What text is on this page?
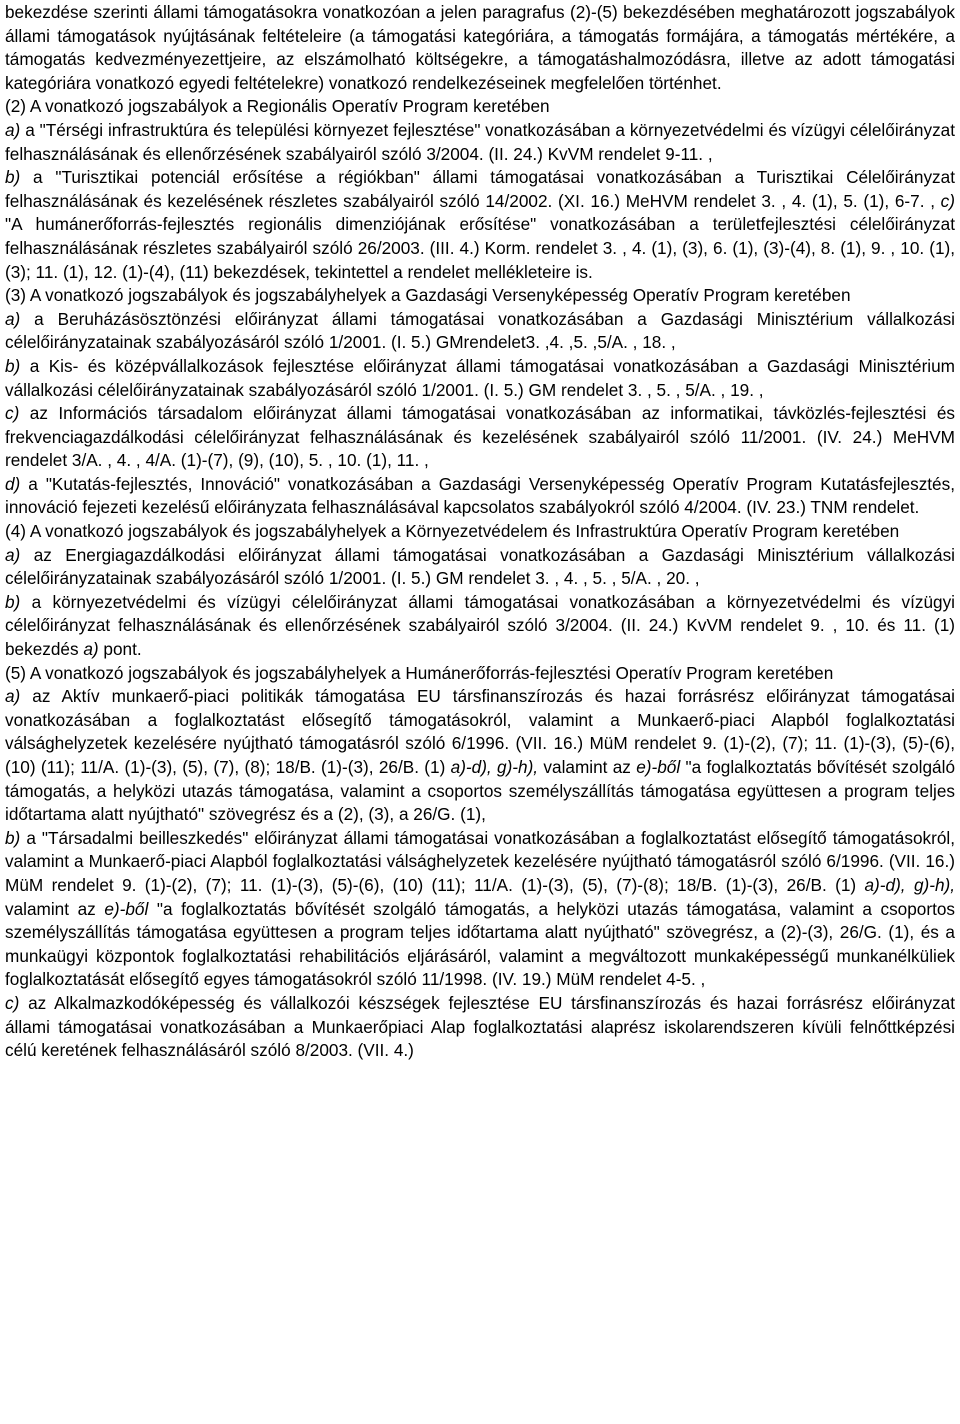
bekezdése szerinti állami támogatásokra vonatkozóan a jelen paragrafus (2)-(5) bekezdésében meghatározott jogszabályok állami támogatások nyújtásának feltételeire (a támogatási kategóriára, a támogatás formájára, a támogatás mértékére, a támogatás kedvezményezettjeire, az elszámolható költségekre, a támogatáshalmozódásra, illetve az adott támogatási kategóriára vonatkozó egyedi feltételekre) vonatkozó rendelkezéseinek megfelelően történhet.

(2) A vonatkozó jogszabályok a Regionális Operatív Program keretében

a) a "Térségi infrastruktúra és települési környezet fejlesztése" vonatkozásában a környezetvédelmi és vízügyi célelőirányzat felhasználásának és ellenőrzésének szabályairól szóló 3/2004. (II. 24.) KvVM rendelet 9-11. ,

b) a "Turisztikai potenciál erősítése a régiókban" állami támogatásai vonatkozásában a Turisztikai Célelőirányzat felhasználásának és kezelésének részletes szabályairól szóló 14/2002. (XI. 16.) MeHVM rendelet 3. , 4. (1), 5. (1), 6-7. , c) "A humánerőforrás-fejlesztés regionális dimenziójának erősítése" vonatkozásában a területfejlesztési célelőirányzat felhasználásának részletes szabályairól szóló 26/2003. (III. 4.) Korm. rendelet 3. , 4. (1), (3), 6. (1), (3)-(4), 8. (1), 9. , 10. (1), (3); 11. (1), 12. (1)-(4), (11) bekezdések, tekintettel a rendelet mellékleteire is.

(3) A vonatkozó jogszabályok és jogszabályhelyek a Gazdasági Versenyképesség Operatív Program keretében

a) a Beruházásösztönzési előirányzat állami támogatásai vonatkozásában a Gazdasági Minisztérium vállalkozási célelőirányzatainak szabályozásáról szóló 1/2001. (I. 5.) GMrendelet3. ,4. ,5. ,5/A. , 18. ,

b) a Kis- és középvállalkozások fejlesztése előirányzat állami támogatásai vonatkozásában a Gazdasági Minisztérium vállalkozási célelőirányzatainak szabályozásáról szóló 1/2001. (I. 5.) GM rendelet 3. , 5. , 5/A. , 19. ,

c) az Információs társadalom előirányzat állami támogatásai vonatkozásában az informatikai, távközlés-fejlesztési és frekvenciagazdálkodási célelőirányzat felhasználásának és kezelésének szabályairól szóló 11/2001. (IV. 24.) MeHVM rendelet 3/A. , 4. , 4/A. (1)-(7), (9), (10), 5. , 10. (1), 11. ,

d) a "Kutatás-fejlesztés, Innováció" vonatkozásában a Gazdasági Versenyképesség Operatív Program Kutatásfejlesztés, innováció fejezeti kezelésű előirányzata felhasználásával kapcsolatos szabályokról szóló 4/2004. (IV. 23.) TNM rendelet.

(4) A vonatkozó jogszabályok és jogszabályhelyek a Környezetvédelem és Infrastruktúra Operatív Program keretében

a) az Energiagazdálkodási előirányzat állami támogatásai vonatkozásában a Gazdasági Minisztérium vállalkozási célelőirányzatainak szabályozásáról szóló 1/2001. (I. 5.) GM rendelet 3. , 4. , 5. , 5/A. , 20. ,

b) a környezetvédelmi és vízügyi célelőirányzat állami támogatásai vonatkozásában a környezetvédelmi és vízügyi célelőirányzat felhasználásának és ellenőrzésének szabályairól szóló 3/2004. (II. 24.) KvVM rendelet 9. , 10. és 11. (1) bekezdés a) pont.

(5) A vonatkozó jogszabályok és jogszabályhelyek a Humánerőforrás-fejlesztési Operatív Program keretében

a) az Aktív munkaerő-piaci politikák támogatása EU társfinanszírozás és hazai forrásrész előirányzat támogatásai vonatkozásában a foglalkoztatást elősegítő támogatásokról, valamint a Munkaerő-piaci Alapból foglalkoztatási válsághelyzetek kezelésére nyújtható támogatásról szóló 6/1996. (VII. 16.) MüM rendelet 9. (1)-(2), (7); 11. (1)-(3), (5)-(6), (10) (11); 11/A. (1)-(3), (5), (7), (8); 18/B. (1)-(3), 26/B. (1) a)-d), g)-h), valamint az e)-ből "a foglalkoztatás bővítését szolgáló támogatás, a helyközi utazás támogatása, valamint a csoportos személyszállítás támogatása együttesen a program teljes időtartama alatt nyújtható" szövegrész és a (2), (3), a 26/G. (1),

b) a "Társadalmi beilleszkedés" előirányzat állami támogatásai vonatkozásában a foglalkoztatást elősegítő támogatásokról, valamint a Munkaerő-piaci Alapból foglalkoztatási válsághelyzetek kezelésére nyújtható támogatásról szóló 6/1996. (VII. 16.) MüM rendelet 9. (1)-(2), (7); 11. (1)-(3), (5)-(6), (10) (11); 11/A. (1)-(3), (5), (7)-(8); 18/B. (1)-(3), 26/B. (1) a)-d), g)-h), valamint az e)-ből "a foglalkoztatás bővítését szolgáló támogatás, a helyközi utazás támogatása, valamint a csoportos személyszállítás támogatása együttesen a program teljes időtartama alatt nyújtható" szövegrész, a (2)-(3), 26/G. (1), és a munkaügyi központok foglalkoztatási rehabilitációs eljárásáról, valamint a megváltozott munkaképességű munkanélküliek foglalkoztatását elősegítő egyes támogatásokról szóló 11/1998. (IV. 19.) MüM rendelet 4-5. ,

c) az Alkalmazkodóképesség és vállalkozói készségek fejlesztése EU társfinanszírozás és hazai forrásrész előirányzat állami támogatásai vonatkozásában a Munkaerőpiaci Alap foglalkoztatási alaprész iskolarendszeren kívüli felnőttképzési célú keretének felhasználásáról szóló 8/2003. (VII. 4.)
